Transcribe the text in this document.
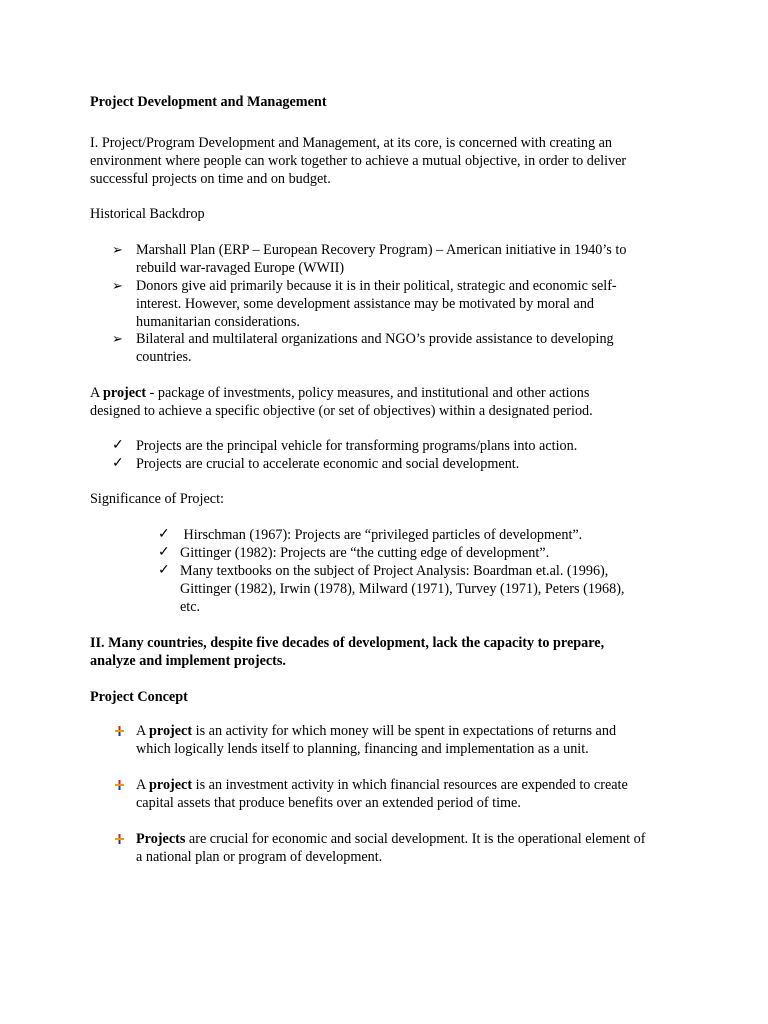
Project Development and Management

I. Project/Program Development and Management, at its core, is concerned with creating an environment where people can work together to achieve a mutual objective, in order to deliver successful projects on time and on budget.

Historical Backdrop

➢ Marshall Plan (ERP – European Recovery Program) – American initiative in 1940’s to
rebuild war-ravaged Europe (WWII)
➢ Donors give aid primarily because it is in their political, strategic and economic self-
interest. However, some development assistance may be motivated by moral and
humanitarian considerations.
➢ Bilateral and multilateral organizations and NGO’s provide assistance to developing
countries.
A project - package of investments, policy measures, and institutional and other actions
designed to achieve a specific objective (or set of objectives) within a designated period.
✓ Projects are the principal vehicle for transforming programs/plans into action.
✓ Projects are crucial to accelerate economic and social development.

Significance of Project:

✓ Hirschman (1967): Projects are “privileged particles of development”.
✓ Gittinger (1982): Projects are “the cutting edge of development”.
✓ Many textbooks on the subject of Project Analysis: Boardman et.al. (1996),
Gittinger (1982), Irwin (1978), Milward (1971), Turvey (1971), Peters (1968),
etc.
II. Many countries, despite five decades of development, lack the capacity to prepare,
analyze and implement projects.

Project Concept

A project is an activity for which money will be spent in expectations of returns and
which logically lends itself to planning, financing and implementation as a unit.
A project is an investment activity in which financial resources are expended to create
capital assets that produce benefits over an extended period of time.
Projects are crucial for economic and social development. It is the operational element of
a national plan or program of development.
